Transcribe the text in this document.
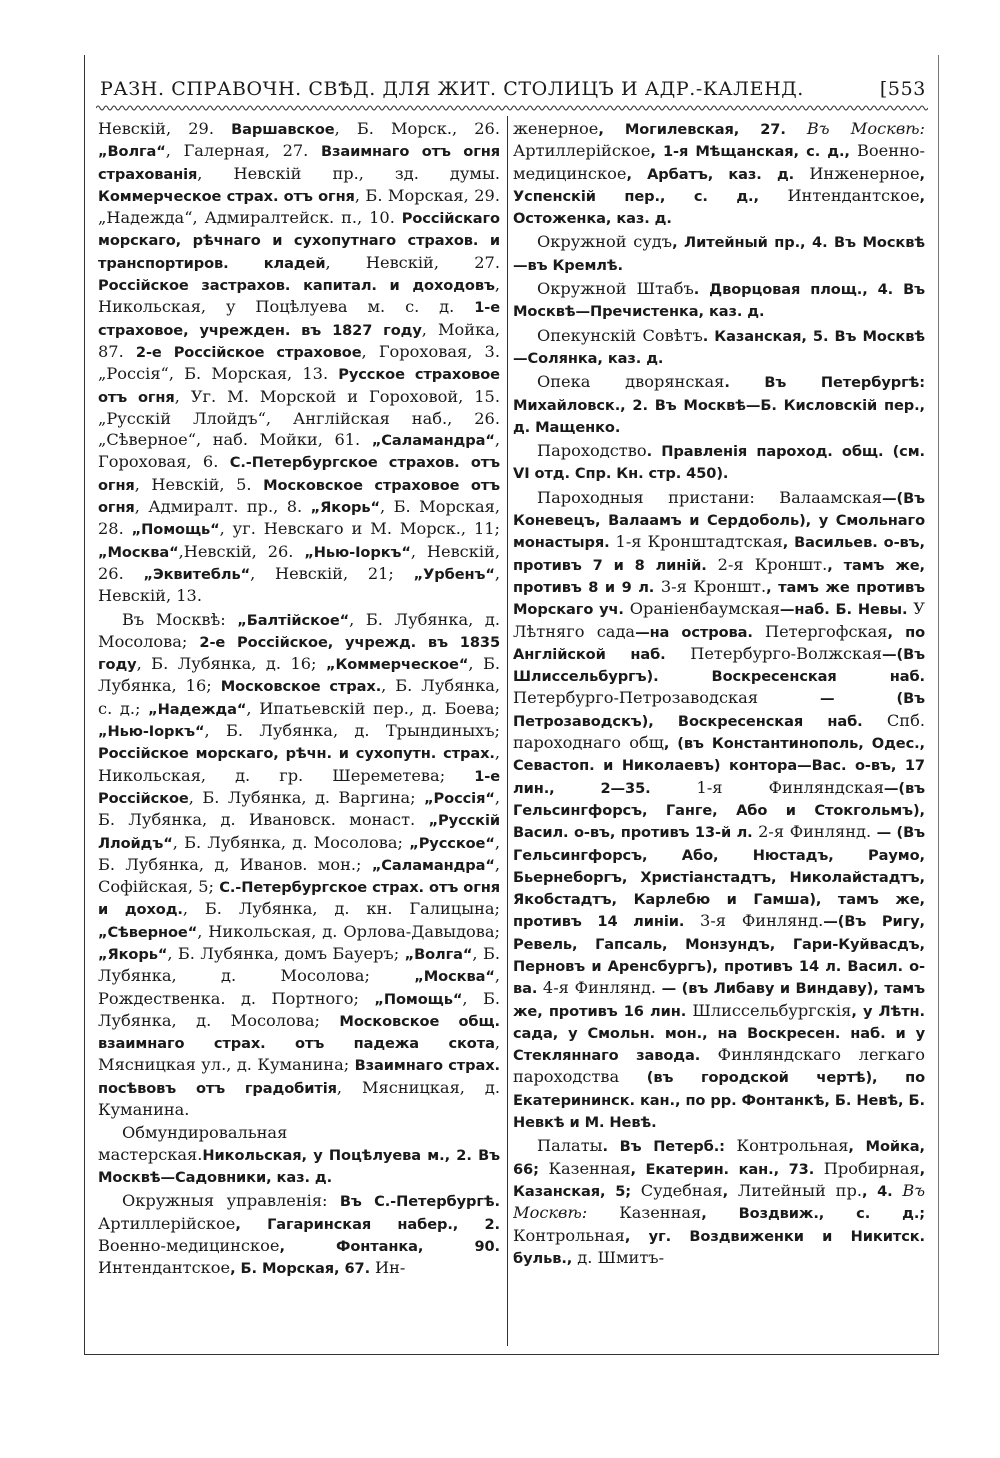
РАЗН. СПРАВОЧН. СВѢД. ДЛЯ ЖИТ. СТОЛИЦЪ И АДР.-КАЛЕНД.	[553

Невскій, 29. Варшавское, Б. Морск., 26. „Волга“, Галерная, 27. Взаимнаго отъ огня страхованія, Невскій пр., зд. думы. Коммерческое страх. отъ огня, Б. Морская, 29. „Надежда“, Адмиралтейск. п., 10. Россійскаго морскаго, рѣчнаго и сухопутнаго страхов. и транспортиров. кладей, Невскій, 27. Россійское застрахов. капитал. и доходовъ, Никольская, у Поцѣлуева м. с. д. 1-е страховое, учрежден. въ 1827 году, Мойка, 87. 2-е Россійское страховое, Гороховая, 3. „Россія“, Б. Морская, 13. Русское страховое отъ огня, Уг. М. Морской и Гороховой, 15. „Русскій Ллойдъ“, Англійская наб., 26. „Сѣверное“, наб. Мойки, 61. „Саламандра“, Гороховая, 6. С.-Петербургское страхов. отъ огня, Невскій, 5. Московское страховое отъ огня, Адмиралт. пр., 8. „Якорь“, Б. Морская, 28. „Помощь“, уг. Невскаго и М. Морск., 11; „Москва“,Невскій, 26. „Нью-Іоркъ“, Невскій, 26. „Эквитебль“, Невскій, 21; „Урбенъ“, Невскій, 13.

Въ Москвѣ: „Балтійское“, Б. Лубянка, д. Мосолова; 2-е Россійское, учрежд. въ 1835 году, Б. Лубянка, д. 16; „Коммерческое“, Б. Лубянка, 16; Московское страх., Б. Лубянка, с. д.; „Надежда“, Ипатьевскій пер., д. Боева; „Нью-Іоркъ“, Б. Лубянка, д. Трындиныхъ; Россійское морскаго, рѣчн. и сухопутн. страх., Никольская, д. гр. Шереметева; 1-е Россійское, Б. Лубянка, д. Варгина; „Россія“, Б. Лубянка, д. Ивановск. монаст. „Русскій Ллойдъ“, Б. Лубянка, д. Мосолова; „Русское“, Б. Лубянка, д, Иванов. мон.; „Саламандра“, Софійская, 5; С.-Петербургское страх. отъ огня и доход., Б. Лубянка, д. кн. Галицына; „Сѣверное“, Никольская, д. Орлова-Давыдова; „Якорь“, Б. Лубянка, домъ Бауеръ; „Волга“, Б. Лубянка, д. Мосолова; „Москва“, Рождественка. д. Портного; „Помощь“, Б. Лубянка, д. Мосолова; Московское общ. взаимнаго страх. отъ падежа скота, Мясницкая ул., д. Куманина; Взаимнаго страх. посѣвовъ отъ градобитія, Мясницкая, д. Куманина.

Обмундировальная мастерская.Никольская, у Поцѣлуева м., 2. Въ Москвѣ—Садовники, каз. д.

Окружныя управленія: Въ С.-Петербургѣ. Артиллерійское, Гагаринская набер., 2. Военно-медицинское, Фонтанка, 90. Интендантское, Б. Морская, 67. Ин-

женерное, Могилевская, 27. Въ Москвѣ: Артиллерійское, 1-я Мѣщанская, с. д., Военно-медицинское, Арбатъ, каз. д. Инженерное, Успенскій пер., с. д., Интендантское, Остоженка, каз. д.

Окружной судъ, Литейный пр., 4. Въ Москвѣ—въ Кремлѣ.

Окружной Штабъ. Дворцовая площ., 4. Въ Москвѣ—Пречистенка, каз. д.

Опекунскій Совѣтъ. Казанская, 5. Въ Москвѣ—Солянка, каз. д.

Опека дворянская. Въ Петербургѣ: Михайловск., 2. Въ Москвѣ—Б. Кисловскій пер., д. Мащенко.

Пароходство. Правленія пароход. общ. (см. VI отд. Спр. Кн. стр. 450).

Пароходныя пристани: Валаамская—(Въ Коневецъ, Валаамъ и Сердоболь), у Смольнаго монастыря. 1-я Кронштадтская, Васильев. о-въ, противъ 7 и 8 линій. 2-я Кроншт., тамъ же, противъ 8 и 9 л. 3-я Кроншт., тамъ же противъ Морскаго уч. Ораніенбаумская—наб. Б. Невы. У Лѣтняго сада—на острова. Петергофская, по Англійской наб. Петербурго-Волжская—(Въ Шлиссельбургъ). Воскресенская наб. Петербурго-Петрозаводская — (Въ Петрозаводскъ), Воскресенская наб. Спб. пароходнаго общ, (въ Константинополь, Одес., Севастоп. и Николаевъ) контора—Вас. о-въ, 17 лин., 2—35. 1-я Финляндская—(въ Гельсингфорсъ, Ганге, Або и Стокгольмъ), Васил. о-въ, противъ 13-й л. 2-я Финлянд. — (Въ Гельсингфорсъ, Або, Нюстадъ, Раумо, Бьернеборгъ, Христіанстадтъ, Николайстадтъ, Якобстадтъ, Карлебю и Гамша), тамъ же, противъ 14 линіи. 3-я Финлянд.—(Въ Ригу, Ревель, Гапсаль, Монзундъ, Гари-Куйвасдъ, Перновъ и Аренсбургъ), противъ 14 л. Васил. о-ва. 4-я Финлянд. — (въ Либаву и Виндаву), тамъ же, противъ 16 лин. Шлиссельбургскія, у Лѣтн. сада, у Смольн. мон., на Воскресен. наб. и у Стекляннаго завода. Финляндскаго легкаго пароходства (въ городской чертѣ), по Екатерининск. кан., по рр. Фонтанкѣ, Б. Невѣ, Б. Невкѣ и М. Невѣ.

Палаты. Въ Петерб.: Контрольная, Мойка, 66; Казенная, Екатерин. кан., 73. Пробирная, Казанская, 5; Судебная, Литейный пр., 4. Въ Москвѣ: Казенная, Воздвиж., с. д.; Контрольная, уг. Воздвиженки и Никитск. бульв., д. Шмитъ-
